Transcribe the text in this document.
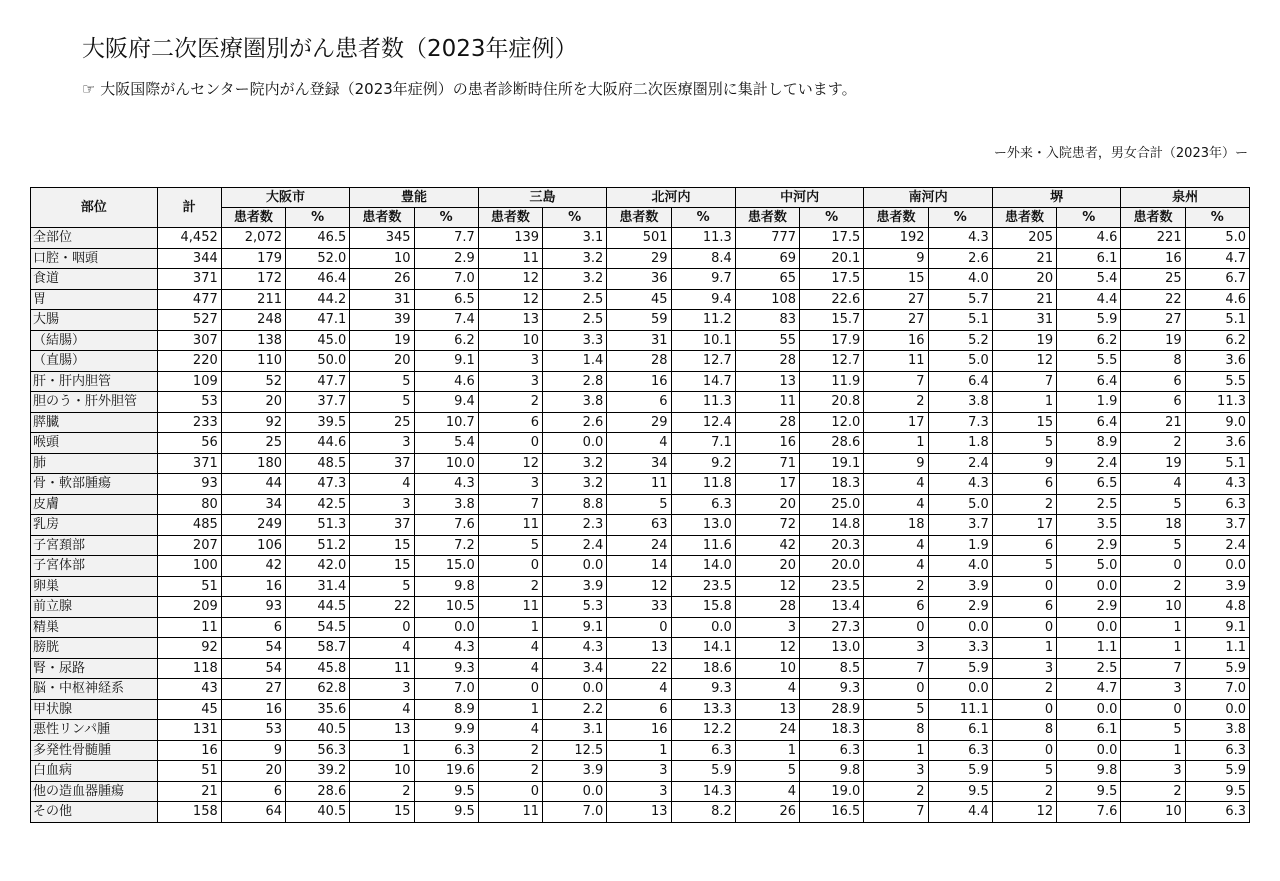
大阪府二次医療圏別がん患者数（2023年症例）

☞ 大阪国際がんセンター院内がん登録（2023年症例）の患者診断時住所を大阪府二次医療圏別に集計しています。

ー外来・入院患者，男女合計（2023年）ー

部位	計	大阪市		豊能		三島		北河内		中河内		南河内		堺		泉州	
		患者数	%	患者数	%	患者数	%	患者数	%	患者数	%	患者数	%	患者数	%	患者数	%
全部位	4,452	2,072	46.5	345	7.7	139	3.1	501	11.3	777	17.5	192	4.3	205	4.6	221	5.0
口腔・咽頭	344	179	52.0	10	2.9	11	3.2	29	8.4	69	20.1	9	2.6	21	6.1	16	4.7
食道	371	172	46.4	26	7.0	12	3.2	36	9.7	65	17.5	15	4.0	20	5.4	25	6.7
胃	477	211	44.2	31	6.5	12	2.5	45	9.4	108	22.6	27	5.7	21	4.4	22	4.6
大腸	527	248	47.1	39	7.4	13	2.5	59	11.2	83	15.7	27	5.1	31	5.9	27	5.1
（結腸）	307	138	45.0	19	6.2	10	3.3	31	10.1	55	17.9	16	5.2	19	6.2	19	6.2
（直腸）	220	110	50.0	20	9.1	3	1.4	28	12.7	28	12.7	11	5.0	12	5.5	8	3.6
肝・肝内胆管	109	52	47.7	5	4.6	3	2.8	16	14.7	13	11.9	7	6.4	7	6.4	6	5.5
胆のう・肝外胆管	53	20	37.7	5	9.4	2	3.8	6	11.3	11	20.8	2	3.8	1	1.9	6	11.3
膵臓	233	92	39.5	25	10.7	6	2.6	29	12.4	28	12.0	17	7.3	15	6.4	21	9.0
喉頭	56	25	44.6	3	5.4	0	0.0	4	7.1	16	28.6	1	1.8	5	8.9	2	3.6
肺	371	180	48.5	37	10.0	12	3.2	34	9.2	71	19.1	9	2.4	9	2.4	19	5.1
骨・軟部腫瘍	93	44	47.3	4	4.3	3	3.2	11	11.8	17	18.3	4	4.3	6	6.5	4	4.3
皮膚	80	34	42.5	3	3.8	7	8.8	5	6.3	20	25.0	4	5.0	2	2.5	5	6.3
乳房	485	249	51.3	37	7.6	11	2.3	63	13.0	72	14.8	18	3.7	17	3.5	18	3.7
子宮頚部	207	106	51.2	15	7.2	5	2.4	24	11.6	42	20.3	4	1.9	6	2.9	5	2.4
子宮体部	100	42	42.0	15	15.0	0	0.0	14	14.0	20	20.0	4	4.0	5	5.0	0	0.0
卵巣	51	16	31.4	5	9.8	2	3.9	12	23.5	12	23.5	2	3.9	0	0.0	2	3.9
前立腺	209	93	44.5	22	10.5	11	5.3	33	15.8	28	13.4	6	2.9	6	2.9	10	4.8
精巣	11	6	54.5	0	0.0	1	9.1	0	0.0	3	27.3	0	0.0	0	0.0	1	9.1
膀胱	92	54	58.7	4	4.3	4	4.3	13	14.1	12	13.0	3	3.3	1	1.1	1	1.1
腎・尿路	118	54	45.8	11	9.3	4	3.4	22	18.6	10	8.5	7	5.9	3	2.5	7	5.9
脳・中枢神経系	43	27	62.8	3	7.0	0	0.0	4	9.3	4	9.3	0	0.0	2	4.7	3	7.0
甲状腺	45	16	35.6	4	8.9	1	2.2	6	13.3	13	28.9	5	11.1	0	0.0	0	0.0
悪性リンパ腫	131	53	40.5	13	9.9	4	3.1	16	12.2	24	18.3	8	6.1	8	6.1	5	3.8
多発性骨髄腫	16	9	56.3	1	6.3	2	12.5	1	6.3	1	6.3	1	6.3	0	0.0	1	6.3
白血病	51	20	39.2	10	19.6	2	3.9	3	5.9	5	9.8	3	5.9	5	9.8	3	5.9
他の造血器腫瘍	21	6	28.6	2	9.5	0	0.0	3	14.3	4	19.0	2	9.5	2	9.5	2	9.5
その他	158	64	40.5	15	9.5	11	7.0	13	8.2	26	16.5	7	4.4	12	7.6	10	6.3
